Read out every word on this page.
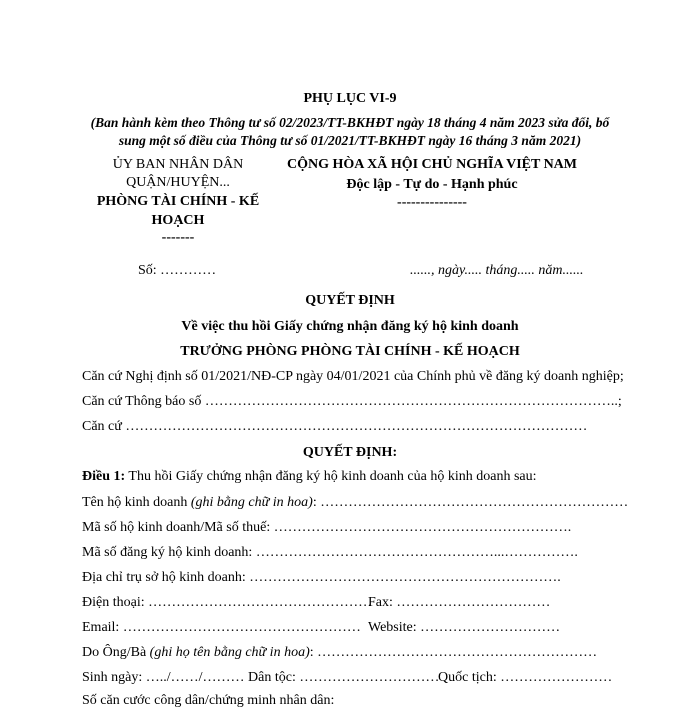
PHỤ LỤC VI-9
(Ban hành kèm theo Thông tư số 02/2023/TT-BKHĐT ngày 18 tháng 4 năm 2023 sửa đổi, bổ
sung một số điều của Thông tư số 01/2021/TT-BKHĐT ngày 16 tháng 3 năm 2021)
ỦY BAN NHÂN DÂN
QUẬN/HUYỆN...
PHÒNG TÀI CHÍNH - KẾ
HOẠCH
-------
CỘNG HÒA XÃ HỘI CHỦ NGHĨA VIỆT NAM
Độc lập - Tự do - Hạnh phúc
---------------
Số: …………	......, ngày..... tháng..... năm......
QUYẾT ĐỊNH
Về việc thu hồi Giấy chứng nhận đăng ký hộ kinh doanh
TRƯỞNG PHÒNG PHÒNG TÀI CHÍNH - KẾ HOẠCH
Căn cứ Nghị định số 01/2021/NĐ-CP ngày 04/01/2021 của Chính phủ về đăng ký doanh nghiệp;
Căn cứ Thông báo số ……………………………………………………………………………..;
Căn cứ ………………………………………………………………………………………
QUYẾT ĐỊNH:
Điều 1: Thu hồi Giấy chứng nhận đăng ký hộ kinh doanh của hộ kinh doanh sau:
Tên hộ kinh doanh (ghi bằng chữ in hoa): …………………………………………………………
Mã số hộ kinh doanh/Mã số thuế: ……………………………………………………….
Mã số đăng ký hộ kinh doanh: ……………………………………………...…………….
Địa chỉ trụ sở hộ kinh doanh: ………………………………………………………….
Điện thoại: …………………………………………
Fax: ……………………………
Email: …………………………………………… Website: …………………………
Do Ông/Bà (ghi họ tên bằng chữ in hoa): ……………………………………………………
Sinh ngày: …../……/……… Dân tộc: …………………………
Quốc tịch: ……………………
Số căn cước công dân/chứng minh nhân dân:
